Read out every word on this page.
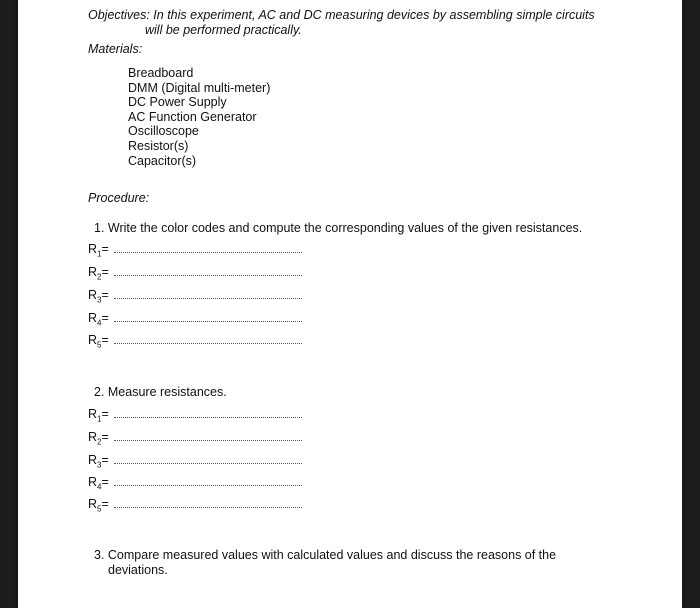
Objectives: In this experiment, AC and DC measuring devices by assembling simple circuits
will be performed practically.
Materials:
Breadboard
DMM (Digital multi-meter)
DC Power Supply
AC Function Generator
Oscilloscope
Resistor(s)
Capacitor(s)
Procedure:
1. Write the color codes and compute the corresponding values of the given resistances.
$R_1=$
$R_2=$
$R_3=$
$R_4=$
$R_5=$
2. Measure resistances.
$R_1=$
$R_2=$
$R_3=$
$R_4=$
$R_5=$
3. Compare measured values with calculated values and discuss the reasons of the
deviations.
